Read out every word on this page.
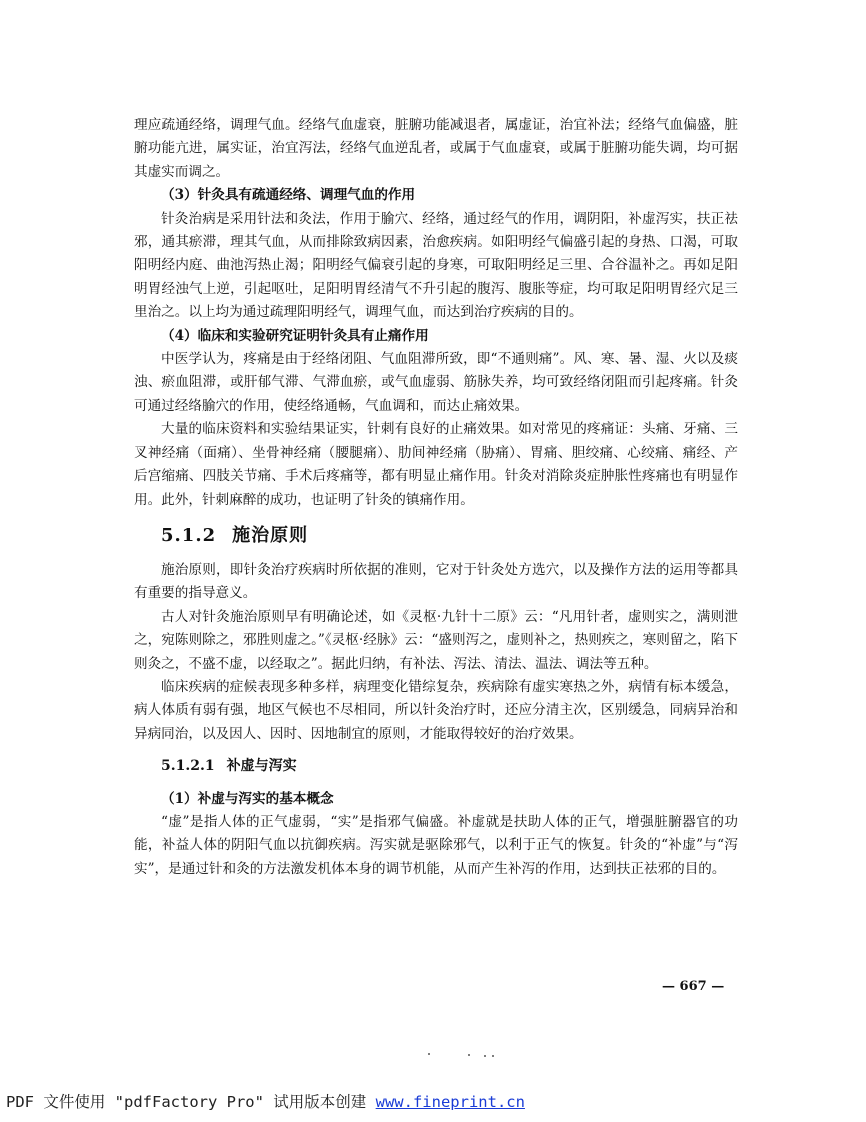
理应疏通经络，调理气血。经络气血虚衰，脏腑功能减退者，属虚证，治宜补法；经络气血偏盛，脏腑功能亢进，属实证，治宜泻法，经络气血逆乱者，或属于气血虚衰，或属于脏腑功能失调，均可据其虚实而调之。

（3）针灸具有疏通经络、调理气血的作用

针灸治病是采用针法和灸法，作用于腧穴、经络，通过经气的作用，调阴阳，补虚泻实，扶正祛邪，通其瘀滞，理其气血，从而排除致病因素，治愈疾病。如阳明经气偏盛引起的身热、口渴，可取阳明经内庭、曲池泻热止渴；阳明经气偏衰引起的身寒，可取阳明经足三里、合谷温补之。再如足阳明胃经浊气上逆，引起呕吐，足阳明胃经清气不升引起的腹泻、腹胀等症，均可取足阳明胃经穴足三里治之。以上均为通过疏理阳明经气，调理气血，而达到治疗疾病的目的。

（4）临床和实验研究证明针灸具有止痛作用

中医学认为，疼痛是由于经络闭阻、气血阻滞所致，即“不通则痛”。风、寒、暑、湿、火以及痰浊、瘀血阻滞，或肝郁气滞、气滞血瘀，或气血虚弱、筋脉失养，均可致经络闭阻而引起疼痛。针灸可通过经络腧穴的作用，使经络通畅，气血调和，而达止痛效果。

大量的临床资料和实验结果证实，针刺有良好的止痛效果。如对常见的疼痛证：头痛、牙痛、三叉神经痛（面痛）、坐骨神经痛（腰腿痛）、肋间神经痛（胁痛）、胃痛、胆绞痛、心绞痛、痛经、产后宫缩痛、四肢关节痛、手术后疼痛等，都有明显止痛作用。针灸对消除炎症肿胀性疼痛也有明显作用。此外，针刺麻醉的成功，也证明了针灸的镇痛作用。

5.1.2 施治原则

施治原则，即针灸治疗疾病时所依据的准则，它对于针灸处方选穴，以及操作方法的运用等都具有重要的指导意义。

古人对针灸施治原则早有明确论述，如《灵枢·九针十二原》云：“凡用针者，虚则实之，满则泄之，宛陈则除之，邪胜则虚之。”《灵枢·经脉》云：“盛则泻之，虚则补之，热则疾之，寒则留之，陷下则灸之，不盛不虚，以经取之”。据此归纳，有补法、泻法、清法、温法、调法等五种。

临床疾病的症候表现多种多样，病理变化错综复杂，疾病除有虚实寒热之外，病情有标本缓急，病人体质有弱有强，地区气候也不尽相同，所以针灸治疗时，还应分清主次，区别缓急，同病异治和异病同治，以及因人、因时、因地制宜的原则，才能取得较好的治疗效果。

5.1.2.1 补虚与泻实

（1）补虚与泻实的基本概念

“虚”是指人体的正气虚弱，“实”是指邪气偏盛。补虚就是扶助人体的正气，增强脏腑器官的功能，补益人体的阴阳气血以抗御疾病。泻实就是驱除邪气，以利于正气的恢复。针灸的“补虚”与“泻实”，是通过针和灸的方法激发机体本身的调节机能，从而产生补泻的作用，达到扶正祛邪的目的。

— 667 —
PDF 文件使用 "pdfFactory Pro" 试用版本创建 www.fineprint.cn
